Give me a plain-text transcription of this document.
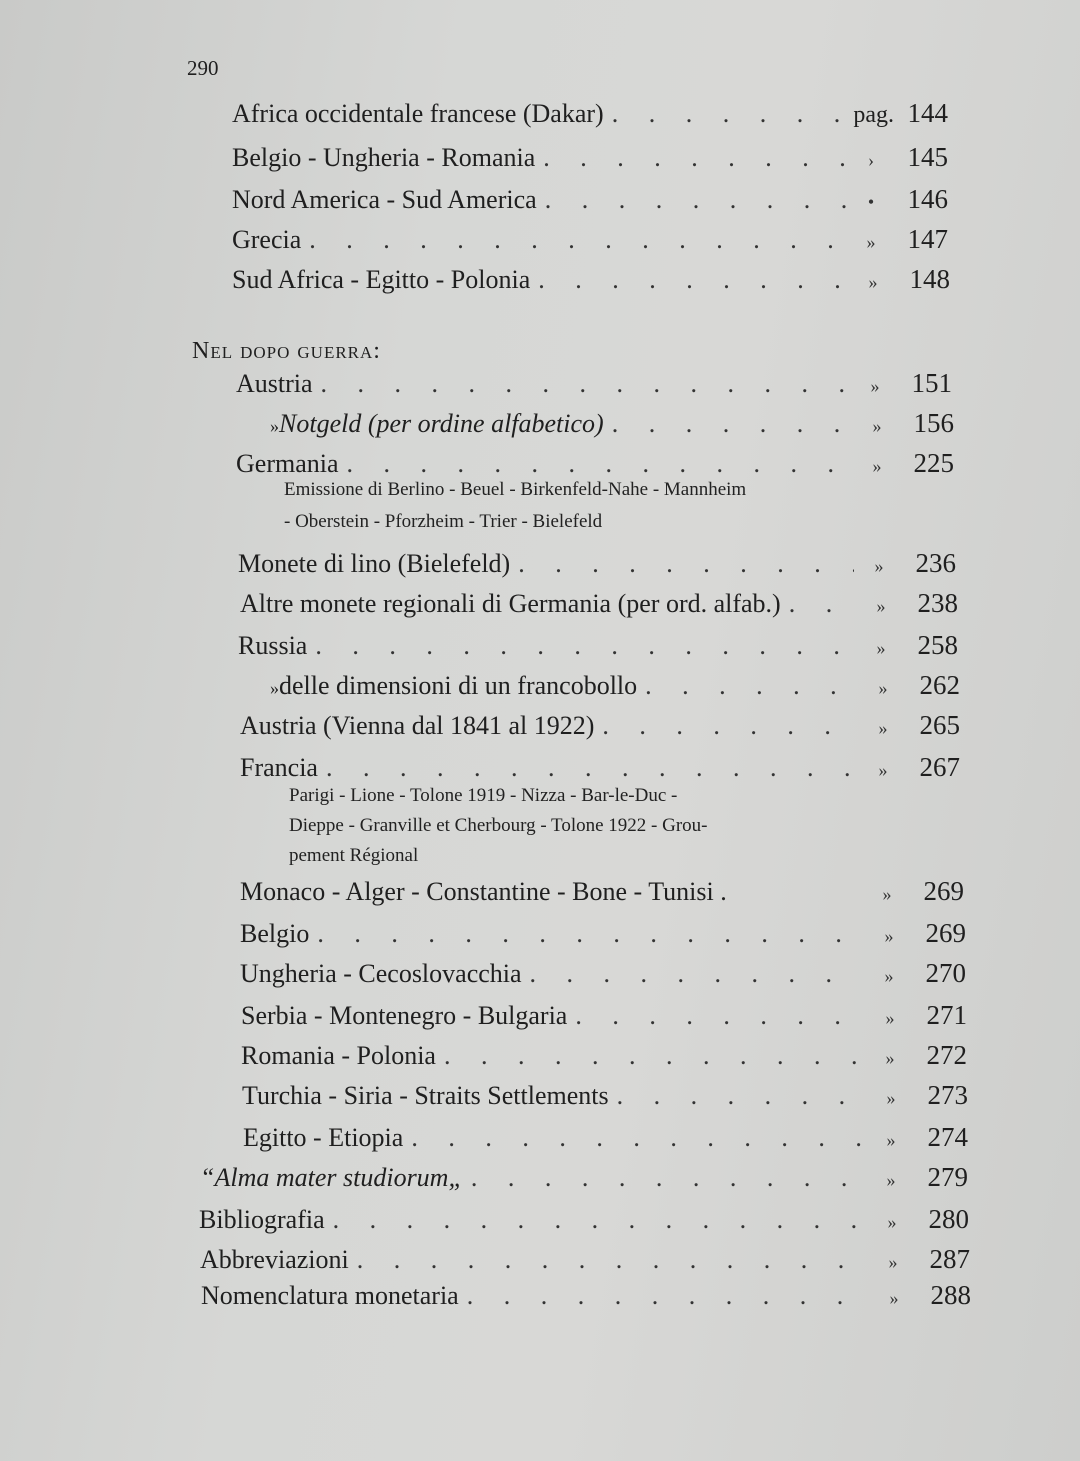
290
Africa occidentale francese (Dakar) . . .	pag. 144
Belgio - Ungheria - Romania . . .	›	145
Nord America - Sud America . . .	•	146
Grecia . . .	»	147
Sud Africa - Egitto - Polonia . . .	»	148
Nel dopo guerra:
Austria . . .	»	151
» Notgeld (per ordine alfabetico) . . .	»	156
Germania . . .	»	225
Emissione di Berlino - Beuel - Birkenfeld-Nahe - Mannheim
- Oberstein - Pforzheim - Trier - Bielefeld
Monete di lino (Bielefeld) . . .	»	236
Altre monete regionali di Germania (per ord. alfab.) . . .	»	238
Russia . . .	»	258
» delle dimensioni di un francobollo . . .	»	262
Austria (Vienna dal 1841 al 1922) . . .	»	265
Francia . . .	»	267
Parigi - Lione - Tolone 1919 - Nizza - Bar-le-Duc -
Dieppe - Granville et Cherbourg - Tolone 1922 - Grou-
pement Régional
Monaco - Alger - Constantine - Bone - Tunisi .	»	269
Belgio . . .	»	269
Ungheria - Cecoslovacchia . . .	»	270
Serbia - Montenegro - Bulgaria . . .	»	271
Romania - Polonia . . .	»	272
Turchia - Siria - Straits Settlements . . .	»	273
Egitto - Etiopia . . .	»	274
“Alma mater studiorum„ . . .	»	279
Bibliografia . . .	»	280
Abbreviazioni . . .	»	287
Nomenclatura monetaria . . .	»	288
